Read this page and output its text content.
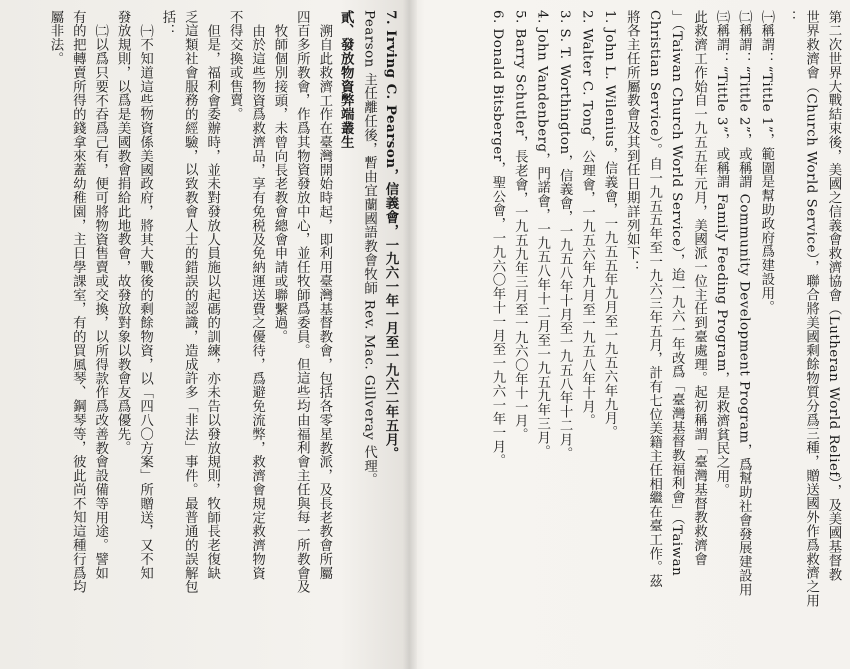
第二次世界大戰結束後，美國之信義會救濟協會（Lutheran World Relief），及美國基督教
世界救濟會（Church World Service），聯合將美國剩餘物質分爲三種，贈送國外作爲救濟之用
：
㈠稱謂：“Tittle 1”，範圍是幫助政府爲建設用。
㈡稱謂：“Tittle 2”，或稱謂 Community Development Program，爲幫助社會發展建設用
㈢稱謂：“Tittle 3”，或稱謂 Family Feeding Program，是救濟貧民之用。
此救濟工作始自一九五五年元月，美國派一位主任到臺處理。起初稱謂「臺灣基督教救濟會
」（Taiwan Church World Service），迨一九六一年改爲「臺灣基督教福利會」（Taiwan
Christian Service）。自一九五五年至一九六三年五月，計有七位美籍主任相繼在臺工作。茲
將各主任所屬教會及其到任日期詳列如下：
1. John L. Wilenius，信義會，一九五五年九月至一九五六年九月。
2. Walter C. Tong，公理會，一九五六年九月至一九五八年十月。
3. S. T. Worthington，信義會，一九五八年十月至一九五八年十二月。
4. John Vandenberg，門諾會，一九五八年十二月至一九五九年三月。
5. Barry Schutler，長老會，一九五九年三月至一九六〇年十一月。
6. Donald Bitsberger，聖公會，一九六〇年十一月至一九六一年一月。
7. Irving C. Pearson，信義會，一九六一年一月至一九六二年五月。
Pearson 主任離任後，暫由宜蘭國語教會牧師 Rev. Mac. Gillveray 代理。
貳、發放物資弊端叢生
溯自此救濟工作在臺灣開始時起，即利用臺灣基督教會，包括各零星教派，及長老教會所屬
四百多所教會，作爲其物資發放中心，並任牧師爲委員。但這些均由福利會主任與每一所教會及
牧師個別接頭，未曾向長老教會總會申請或聯繫過。
由於這些物資爲救濟品，享有免税及免納運送費之優待，爲避免流弊，救濟會規定救濟物資
不得交換或售賣。
但是，福利會委辦時，並未對發放人員施以起碼的訓練，亦未告以發放規則，牧師長老復缺
乏這類社會服務的經驗，以致教會人士的錯誤的認識，造成許多「非法」事件。最普通的誤解包
括：
㈠不知道這些物資係美國政府，將其大戰後的剩餘物資，以「四八〇方案」所贈送，又不知
發放規則，以爲是美國教會捐給此地教會，故發放對象以教會友爲優先。
㈡以爲只要不吞爲己有，便可將物資售賣或交換，以所得款作爲改善教會設備等用途。譬如
有的把轉賣所得的錢拿來蓋幼稚園，主日學課室，有的買風琴、鋼琴等，彼此尚不知這種行爲均
屬非法。
